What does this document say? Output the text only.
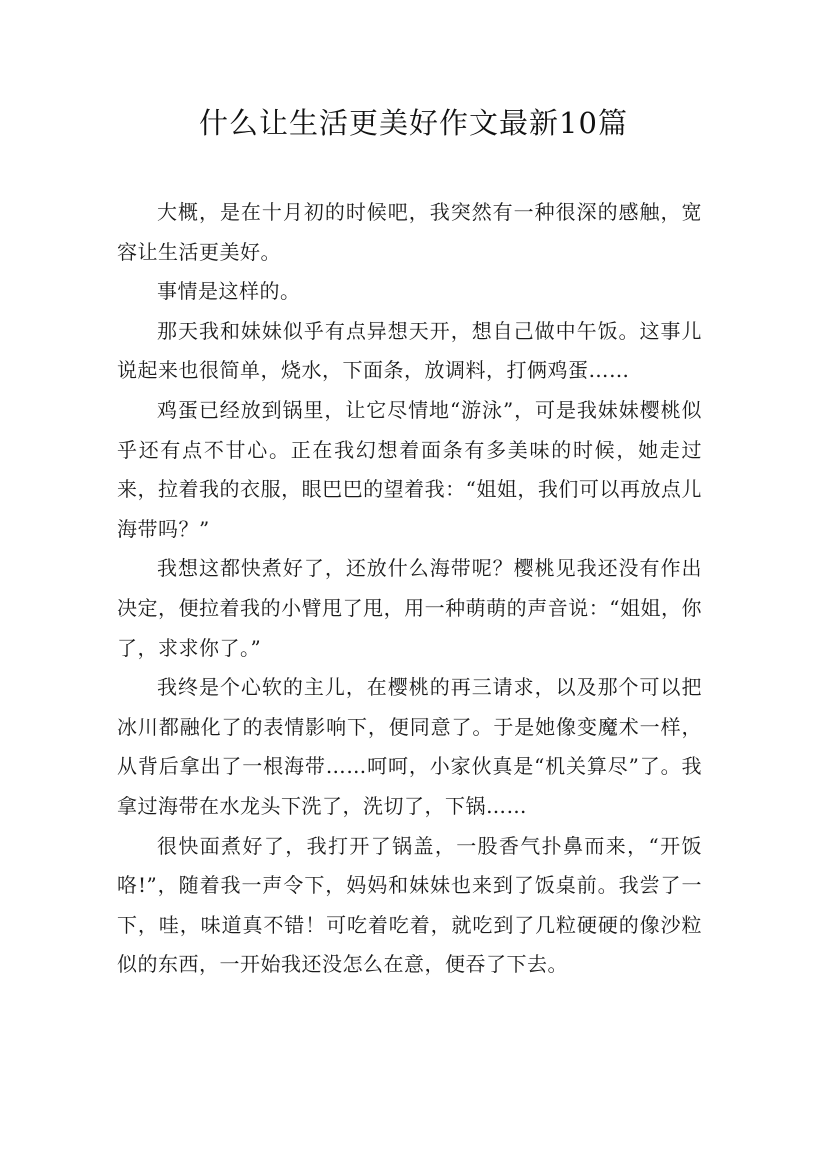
什么让生活更美好作文最新10篇

大概，是在十月初的时候吧，我突然有一种很深的感触，宽容让生活更美好。

事情是这样的。

那天我和妹妹似乎有点异想天开，想自己做中午饭。这事儿说起来也很简单，烧水，下面条，放调料，打俩鸡蛋……

鸡蛋已经放到锅里，让它尽情地“游泳”，可是我妹妹樱桃似乎还有点不甘心。正在我幻想着面条有多美味的时候，她走过来，拉着我的衣服，眼巴巴的望着我：“姐姐，我们可以再放点儿海带吗？”

我想这都快煮好了，还放什么海带呢？樱桃见我还没有作出决定，便拉着我的小臂甩了甩，用一种萌萌的声音说：“姐姐，你了，求求你了。”

我终是个心软的主儿，在樱桃的再三请求，以及那个可以把冰川都融化了的表情影响下，便同意了。于是她像变魔术一样，从背后拿出了一根海带……呵呵，小家伙真是“机关算尽”了。我拿过海带在水龙头下洗了，洗切了，下锅……

很快面煮好了，我打开了锅盖，一股香气扑鼻而来，“开饭咯!”，随着我一声令下，妈妈和妹妹也来到了饭桌前。我尝了一下，哇，味道真不错！可吃着吃着，就吃到了几粒硬硬的像沙粒似的东西，一开始我还没怎么在意，便吞了下去。
